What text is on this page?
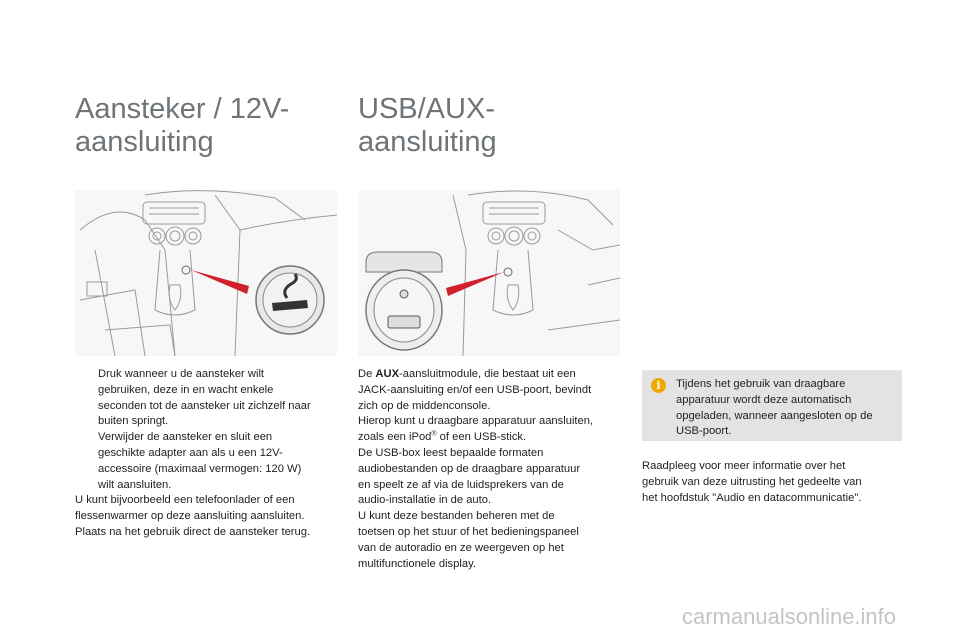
Aansteker / 12V-
aansluiting
USB/AUX-
aansluiting
Druk wanneer u de aansteker wilt
gebruiken, deze in en wacht enkele
seconden tot de aansteker uit zichzelf naar
buiten springt.
Verwijder de aansteker en sluit een
geschikte adapter aan als u een 12V-
accessoire (maximaal vermogen: 120 W)
wilt aansluiten.

U kunt bijvoorbeeld een telefoonlader of een
flessenwarmer op deze aansluiting aansluiten.
Plaats na het gebruik direct de aansteker terug.

De AUX-aansluitmodule, die bestaat uit een
JACK-aansluiting en/of een USB-poort, bevindt
zich op de middenconsole.
Hierop kunt u draagbare apparatuur aansluiten,
zoals een iPod® of een USB-stick.
De USB-box leest bepaalde formaten
audiobestanden op de draagbare apparatuur
en speelt ze af via de luidsprekers van de
audio-installatie in de auto.
U kunt deze bestanden beheren met de
toetsen op het stuur of het bedieningspaneel
van de autoradio en ze weergeven op het
multifunctionele display.
i	Tijdens het gebruik van draagbare
apparatuur wordt deze automatisch
opgeladen, wanneer aangesloten op de
USB-poort.
Raadpleeg voor meer informatie over het
gebruik van deze uitrusting het gedeelte van
het hoofdstuk "Audio en datacommunicatie".
carmanualsonline.info
